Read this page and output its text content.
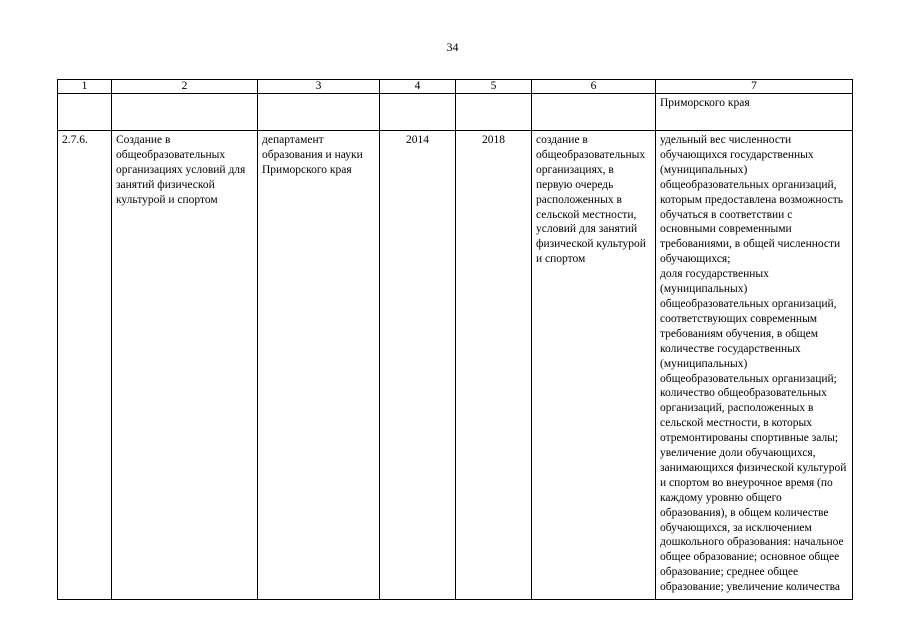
34
1	2	3	4	5	6	7
						Приморского края
2.7.6.	Создание в общеобразовательных организациях условий для занятий физической культурой и спортом	департамент образования и науки Приморского края	2014	2018	создание в общеобразовательных организациях, в первую очередь расположенных в сельской местности, условий для занятий физической культурой и спортом	удельный вес численности обучающихся государственных (муниципальных) общеобразовательных организаций, которым предоставлена возможность обучаться в соответствии с основными современными требованиями, в общей численности обучающихся;
доля государственных (муниципальных) общеобразовательных организаций, соответствующих современным требованиям обучения, в общем количестве государственных (муниципальных) общеобразовательных организаций;
количество общеобразовательных организаций, расположенных в сельской местности, в которых отремонтированы спортивные залы;
увеличение доли обучающихся, занимающихся физической культурой и спортом во внеурочное время (по каждому уровню общего образования), в общем количестве обучающихся, за исключением дошкольного образования: начальное общее образование; основное общее образование; среднее общее образование; увеличение количества
